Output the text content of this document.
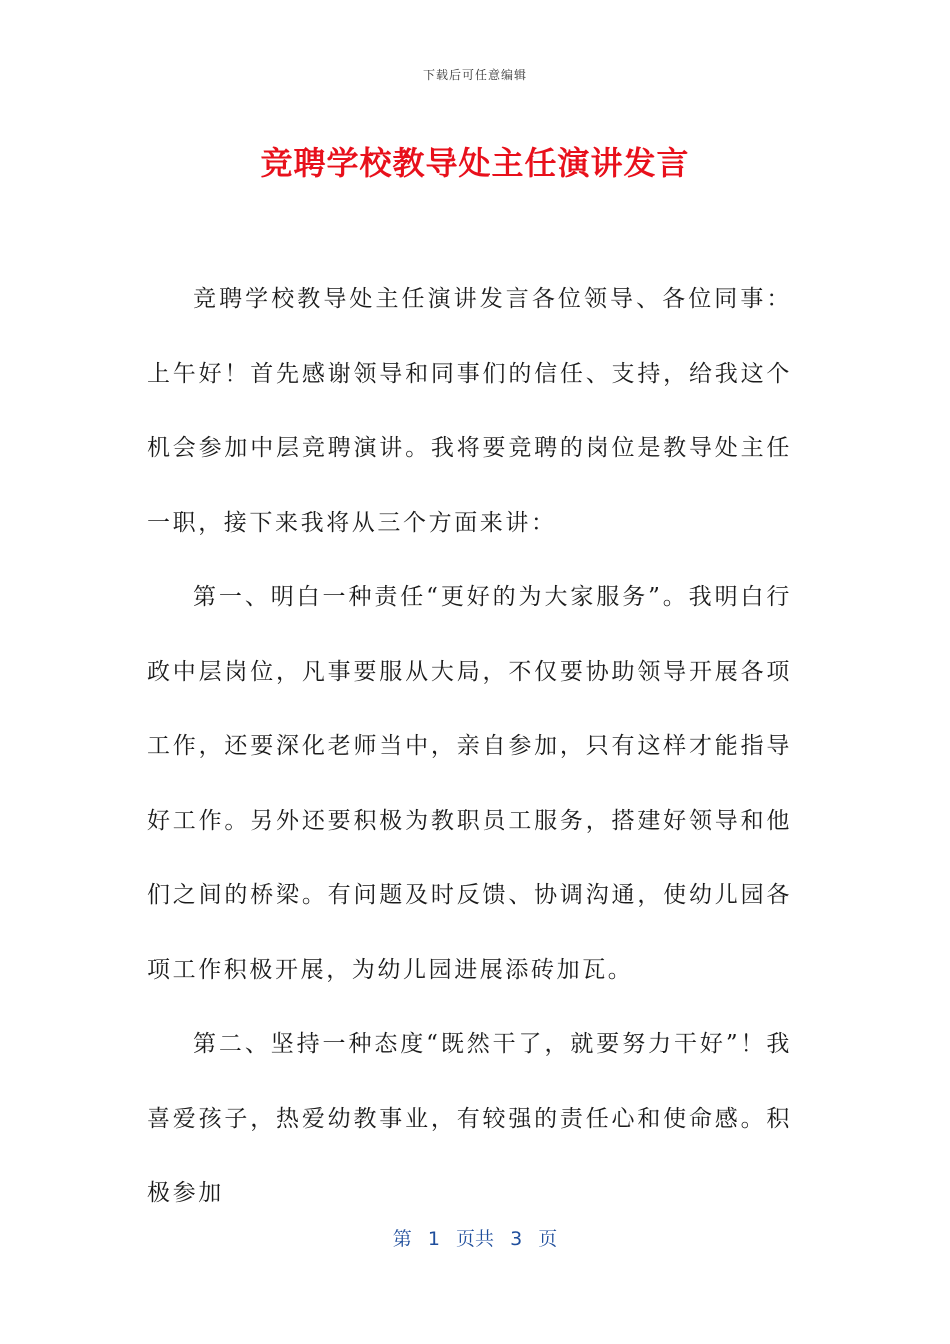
下载后可任意编辑
竞聘学校教导处主任演讲发言

竞聘学校教导处主任演讲发言各位领导、各位同事：上午好！首先感谢领导和同事们的信任、支持，给我这个机会参加中层竞聘演讲。我将要竞聘的岗位是教导处主任一职，接下来我将从三个方面来讲：

第一、明白一种责任“更好的为大家服务”。我明白行政中层岗位，凡事要服从大局，不仅要协助领导开展各项工作，还要深化老师当中，亲自参加，只有这样才能指导好工作。另外还要积极为教职员工服务，搭建好领导和他们之间的桥梁。有问题及时反馈、协调沟通，使幼儿园各项工作积极开展，为幼儿园进展添砖加瓦。

第二、坚持一种态度“既然干了，就要努力干好”！我喜爱孩子，热爱幼教事业，有较强的责任心和使命感。积极参加

第  1  页共  3  页
